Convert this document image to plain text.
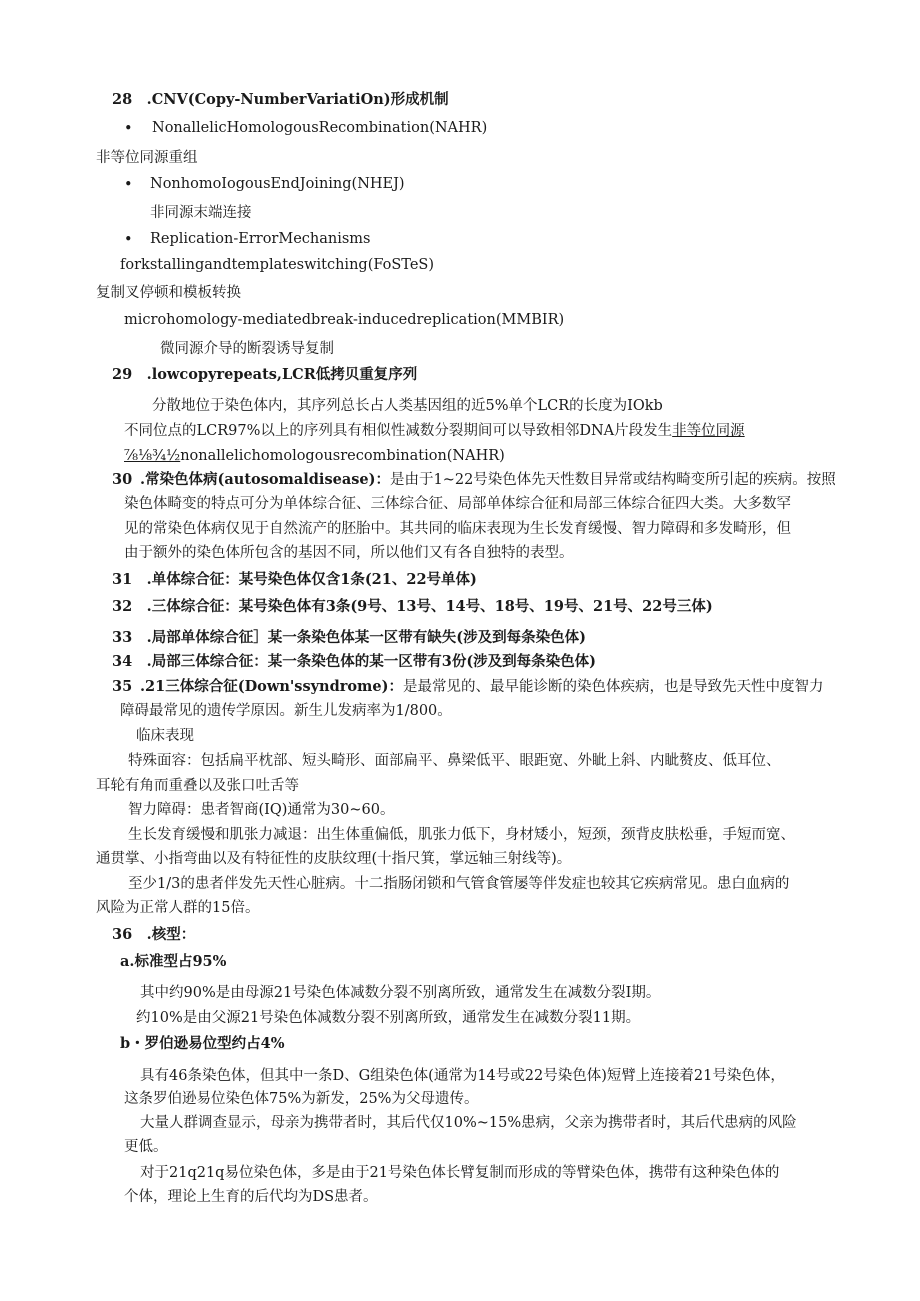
28　.CNV(Copy-NumberVariatiOn)形成机制
• NonallelicHomologousRecombination(NAHR)
非等位同源重组
• NonhomoIogousEndJoining(NHEJ)
非同源末端连接
• Replication-ErrorMechanisms
forkstallingandtemplateswitching(FoSTeS)
复制叉停顿和模板转换
microhomology-mediatedbreak-inducedreplication(MMBIR)
微同源介导的断裂诱导复制
29　.lowcopyrepeats,LCR低拷贝重复序列
分散地位于染色体内，其序列总长占人类基因组的近5%单个LCR的长度为IOkb
不同位点的LCR97%以上的序列具有相似性减数分裂期间可以导致相邻DNA片段发生非等位同源
⅞⅛¾½nonallelichomologousrecombination(NAHR)
30 .常染色体病(autosomaldisease)：是由于1~22号染色体先天性数目异常或结构畸变所引起的疾病。按照
染色体畸变的特点可分为单体综合征、三体综合征、局部单体综合征和局部三体综合征四大类。大多数罕
见的常染色体病仅见于自然流产的胚胎中。其共同的临床表现为生长发育缓慢、智力障碍和多发畸形，但
由于额外的染色体所包含的基因不同，所以他们又有各自独特的表型。
31　.单体综合征：某号染色体仅含1条(21、22号单体)
32　.三体综合征：某号染色体有3条(9号、13号、14号、18号、19号、21号、22号三体)
33　.局部单体综合征］某一条染色体某一区带有缺失(涉及到每条染色体)
34　.局部三体综合征：某一条染色体的某一区带有3份(涉及到每条染色体)
35 .21三体综合征(Down'ssyndrome)：是最常见的、最早能诊断的染色体疾病，也是导致先天性中度智力
障碍最常见的遗传学原因。新生儿发病率为1/800。
临床表现
特殊面容：包括扁平枕部、短头畸形、面部扁平、鼻梁低平、眼距宽、外眦上斜、内眦赘皮、低耳位、
耳轮有角而重叠以及张口吐舌等
智力障碍：患者智商(IQ)通常为30~60。
生长发育缓慢和肌张力减退：出生体重偏低，肌张力低下，身材矮小，短颈，颈背皮肤松垂，手短而宽、
通贯掌、小指弯曲以及有特征性的皮肤纹理(十指尺箕，掌远轴三射线等)。
至少1/3的患者伴发先天性心脏病。十二指肠闭锁和气管食管屡等伴发症也较其它疾病常见。患白血病的
风险为正常人群的15倍。
36　.核型：
a.标准型占95%
其中约90%是由母源21号染色体减数分裂不别离所致，通常发生在减数分裂I期。
约10%是由父源21号染色体减数分裂不别离所致，通常发生在减数分裂11期。
b・罗伯逊易位型约占4%
具有46条染色体，但其中一条D、G组染色体(通常为14号或22号染色体)短臂上连接着21号染色体，
这条罗伯逊易位染色体75%为新发，25%为父母遗传。
大量人群调查显示，母亲为携带者时，其后代仅10%~15%患病，父亲为携带者时，其后代患病的风险
更低。
对于21q21q易位染色体，多是由于21号染色体长臂复制而形成的等臂染色体，携带有这种染色体的
个体，理论上生育的后代均为DS患者。
